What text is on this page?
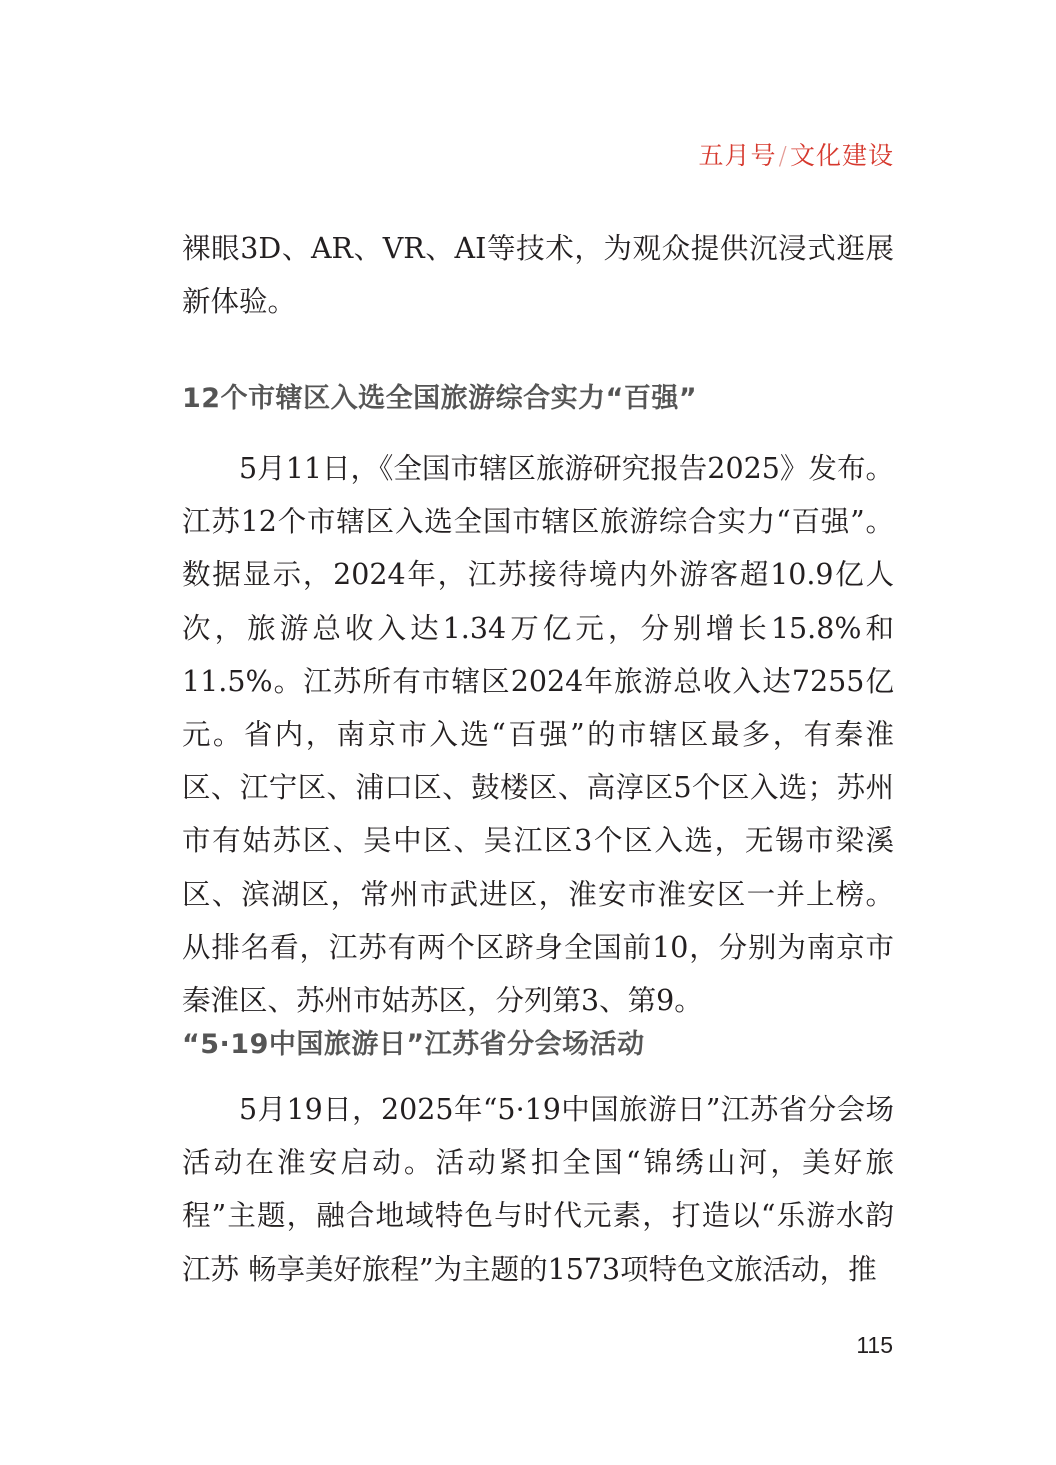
五月号/文化建设

裸眼3D、AR、VR、AI等技术，为观众提供沉浸式逛展新体验。

12个市辖区入选全国旅游综合实力“百强”

5月11日，《全国市辖区旅游研究报告2025》发布。江苏12个市辖区入选全国市辖区旅游综合实力“百强”。数据显示，2024年，江苏接待境内外游客超10.9亿人次，旅游总收入达1.34万亿元，分别增长15.8%和11.5%。江苏所有市辖区2024年旅游总收入达7255亿元。省内，南京市入选“百强”的市辖区最多，有秦淮区、江宁区、浦口区、鼓楼区、高淳区5个区入选；苏州市有姑苏区、吴中区、吴江区3个区入选，无锡市梁溪区、滨湖区，常州市武进区，淮安市淮安区一并上榜。从排名看，江苏有两个区跻身全国前10，分别为南京市秦淮区、苏州市姑苏区，分列第3、第9。

“5·19中国旅游日”江苏省分会场活动

5月19日，2025年“5·19中国旅游日”江苏省分会场活动在淮安启动。活动紧扣全国“锦绣山河，美好旅程”主题，融合地域特色与时代元素，打造以“乐游水韵江苏 畅享美好旅程”为主题的1573项特色文旅活动，推

115
